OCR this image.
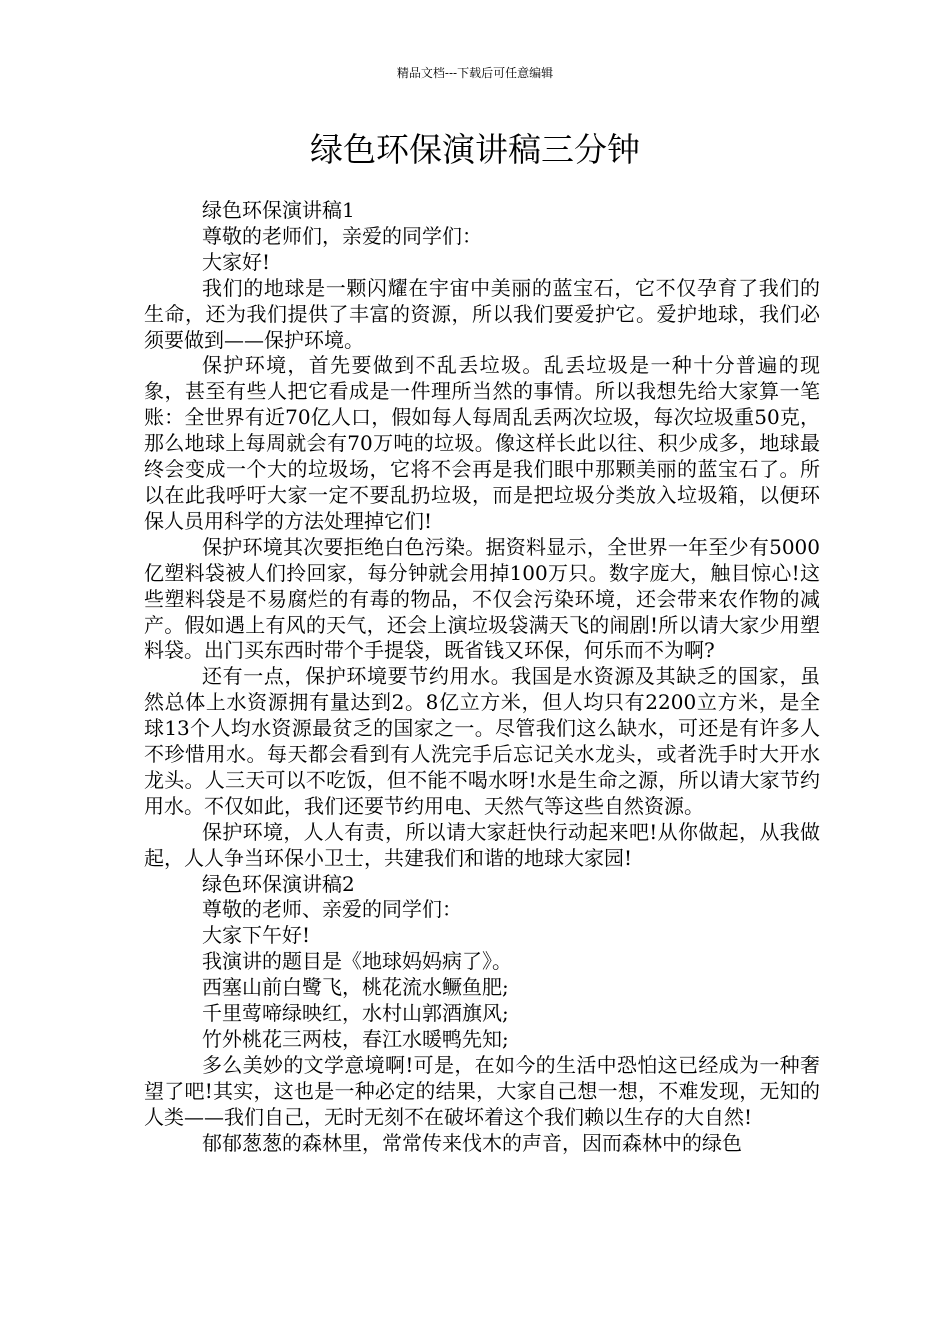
精品文档---下载后可任意编辑
绿色环保演讲稿三分钟

绿色环保演讲稿1

尊敬的老师们，亲爱的同学们：

大家好!

我们的地球是一颗闪耀在宇宙中美丽的蓝宝石，它不仅孕育了我们的生命，还为我们提供了丰富的资源，所以我们要爱护它。爱护地球，我们必须要做到——保护环境。

保护环境，首先要做到不乱丢垃圾。乱丢垃圾是一种十分普遍的现象，甚至有些人把它看成是一件理所当然的事情。所以我想先给大家算一笔账：全世界有近70亿人口，假如每人每周乱丢两次垃圾，每次垃圾重50克，那么地球上每周就会有70万吨的垃圾。像这样长此以往、积少成多，地球最终会变成一个大的垃圾场，它将不会再是我们眼中那颗美丽的蓝宝石了。所以在此我呼吁大家一定不要乱扔垃圾，而是把垃圾分类放入垃圾箱，以便环保人员用科学的方法处理掉它们!

保护环境其次要拒绝白色污染。据资料显示，全世界一年至少有5000亿塑料袋被人们拎回家，每分钟就会用掉100万只。数字庞大，触目惊心!这些塑料袋是不易腐烂的有毒的物品，不仅会污染环境，还会带来农作物的减产。假如遇上有风的天气，还会上演垃圾袋满天飞的闹剧!所以请大家少用塑料袋。出门买东西时带个手提袋，既省钱又环保，何乐而不为啊?

还有一点，保护环境要节约用水。我国是水资源及其缺乏的国家，虽然总体上水资源拥有量达到2。8亿立方米，但人均只有2200立方米，是全球13个人均水资源最贫乏的国家之一。尽管我们这么缺水，可还是有许多人不珍惜用水。每天都会看到有人洗完手后忘记关水龙头，或者洗手时大开水龙头。人三天可以不吃饭，但不能不喝水呀!水是生命之源，所以请大家节约用水。不仅如此，我们还要节约用电、天然气等这些自然资源。

保护环境，人人有责，所以请大家赶快行动起来吧!从你做起，从我做起，人人争当环保小卫士，共建我们和谐的地球大家园!

绿色环保演讲稿2

尊敬的老师、亲爱的同学们：

大家下午好!

我演讲的题目是《地球妈妈病了》。

西塞山前白鹭飞，桃花流水鳜鱼肥;

千里莺啼绿映红，水村山郭酒旗风;

竹外桃花三两枝，春江水暖鸭先知;

多么美妙的文学意境啊!可是，在如今的生活中恐怕这已经成为一种奢望了吧!其实，这也是一种必定的结果，大家自己想一想，不难发现，无知的人类——我们自己，无时无刻不在破坏着这个我们赖以生存的大自然!

郁郁葱葱的森林里，常常传来伐木的声音，因而森林中的绿色
